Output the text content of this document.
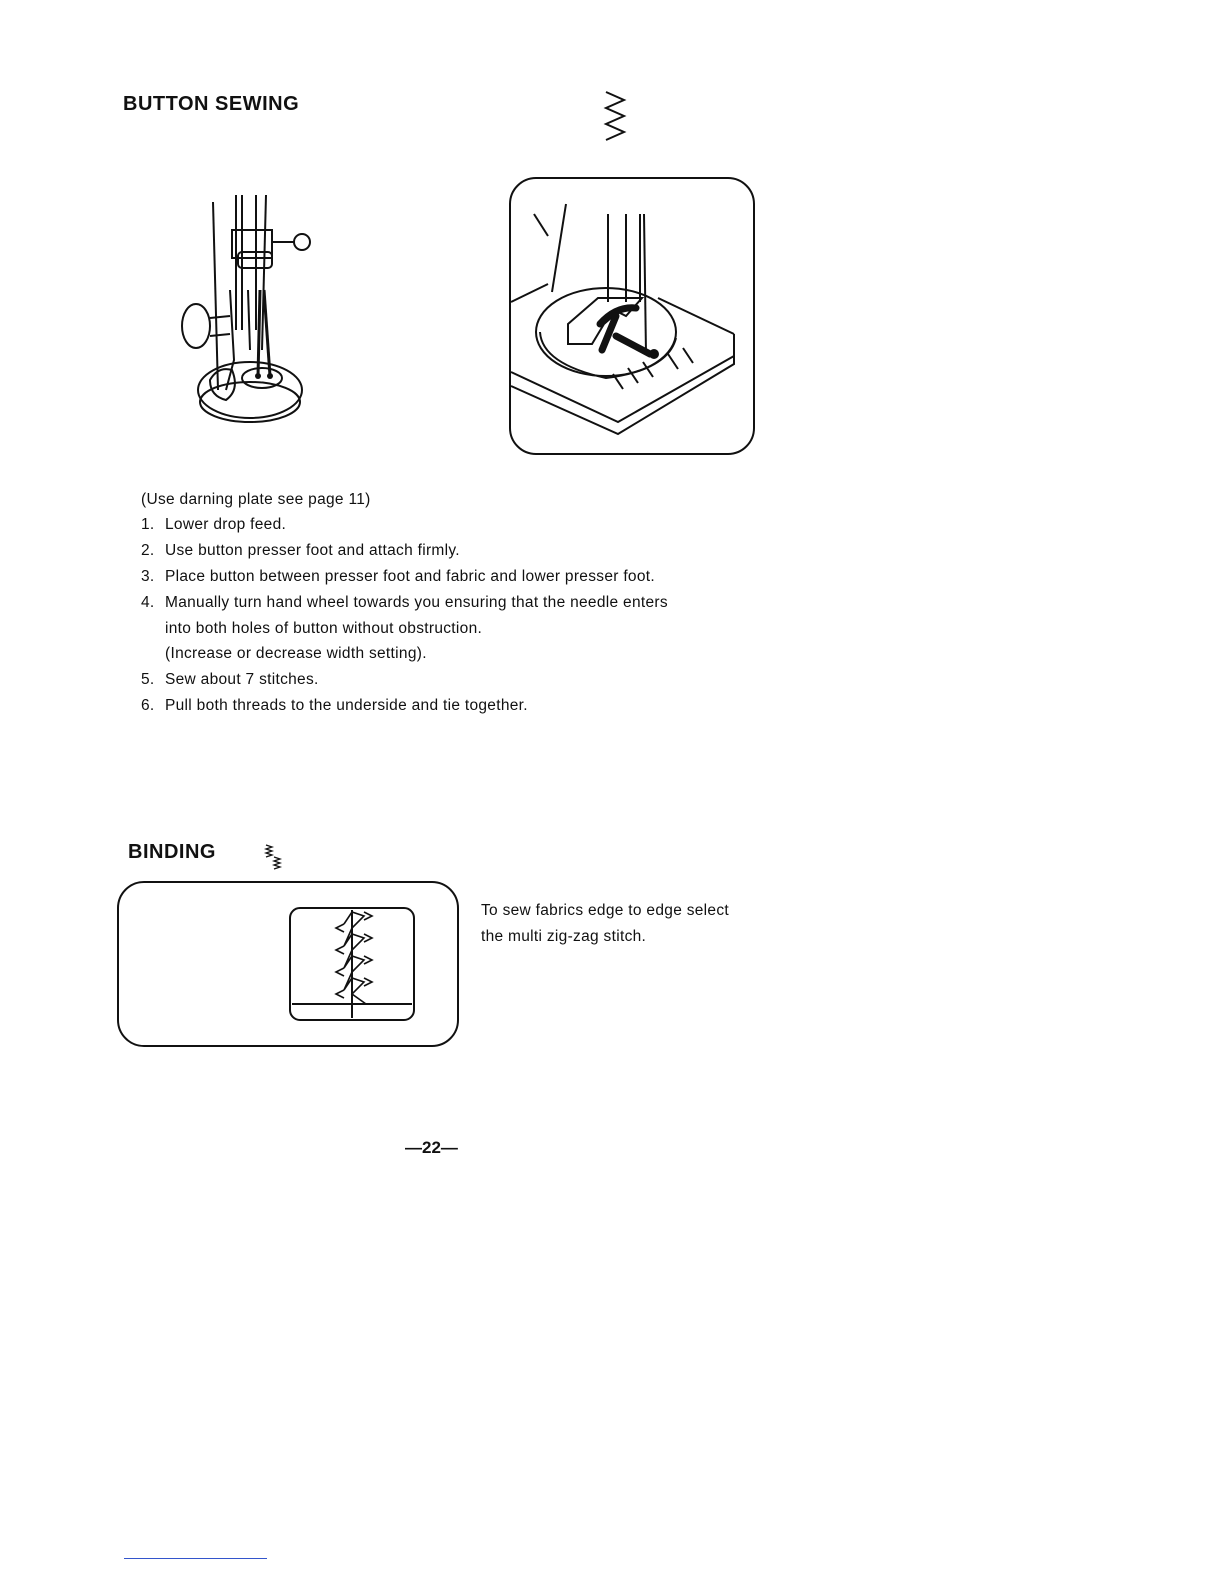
BUTTON SEWING
(Use darning plate see page 11)
1. Lower drop feed.
2. Use button presser foot and attach firmly.
3. Place button between presser foot and fabric and lower presser foot.
4. Manually turn hand wheel towards you ensuring that the needle enters
into both holes of button without obstruction.
(Increase or decrease width setting).
5. Sew about 7 stitches.
6. Pull both threads to the underside and tie together.
BINDING
To sew fabrics edge to edge select
the multi zig-zag stitch.
—22—
